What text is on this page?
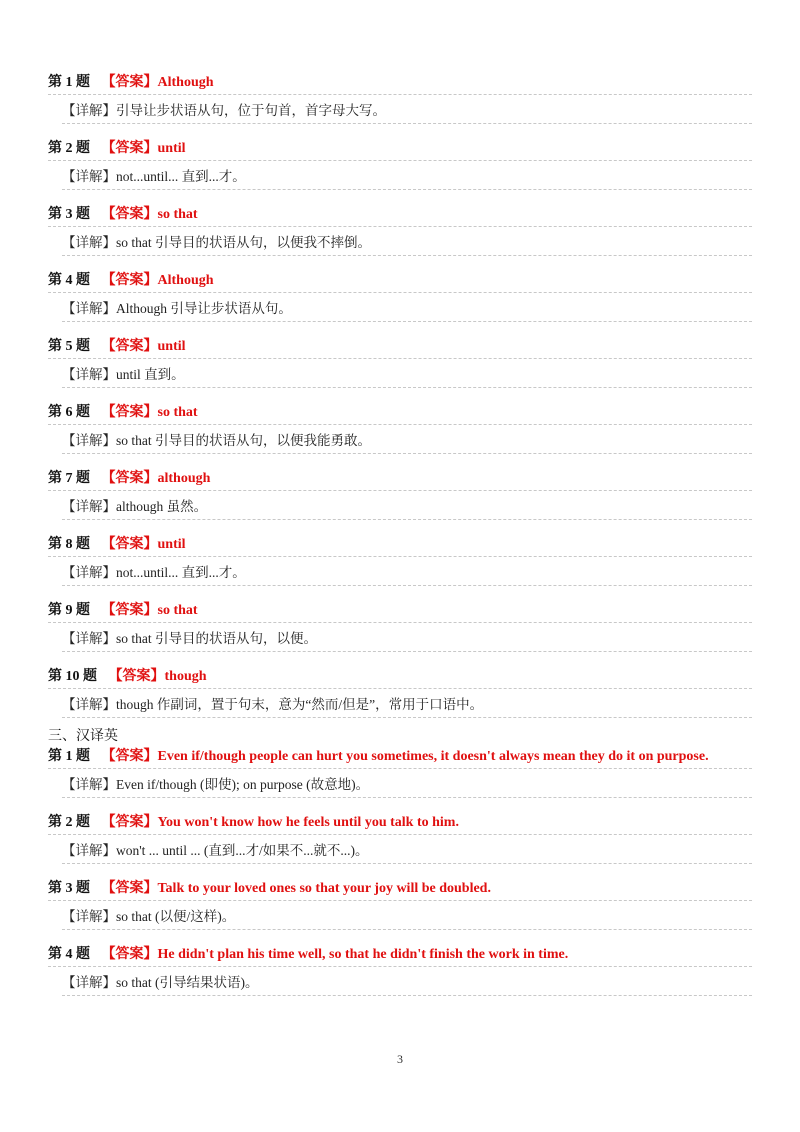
第 1 题 【答案】Although
【详解】引导让步状语从句，位于句首，首字母大写。
第 2 题 【答案】until
【详解】not...until... 直到...才。
第 3 题 【答案】so that
【详解】so that 引导目的状语从句，以便我不摔倒。
第 4 题 【答案】Although
【详解】Although 引导让步状语从句。
第 5 题 【答案】until
【详解】until 直到。
第 6 题 【答案】so that
【详解】so that 引导目的状语从句，以便我能勇敢。
第 7 题 【答案】although
【详解】although 虽然。
第 8 题 【答案】until
【详解】not...until... 直到...才。
第 9 题 【答案】so that
【详解】so that 引导目的状语从句，以便。
第 10 题 【答案】though
【详解】though 作副词，置于句末，意为“然而/但是”，常用于口语中。
三、汉译英
第 1 题 【答案】Even if/though people can hurt you sometimes, it doesn't always mean they do it on purpose.
【详解】Even if/though (即使); on purpose (故意地)。
第 2 题 【答案】You won't know how he feels until you talk to him.
【详解】won't ... until ... (直到...才/如果不...就不...)。
第 3 题 【答案】Talk to your loved ones so that your joy will be doubled.
【详解】so that (以便/这样)。
第 4 题 【答案】He didn't plan his time well, so that he didn't finish the work in time.
【详解】so that (引导结果状语)。
3
